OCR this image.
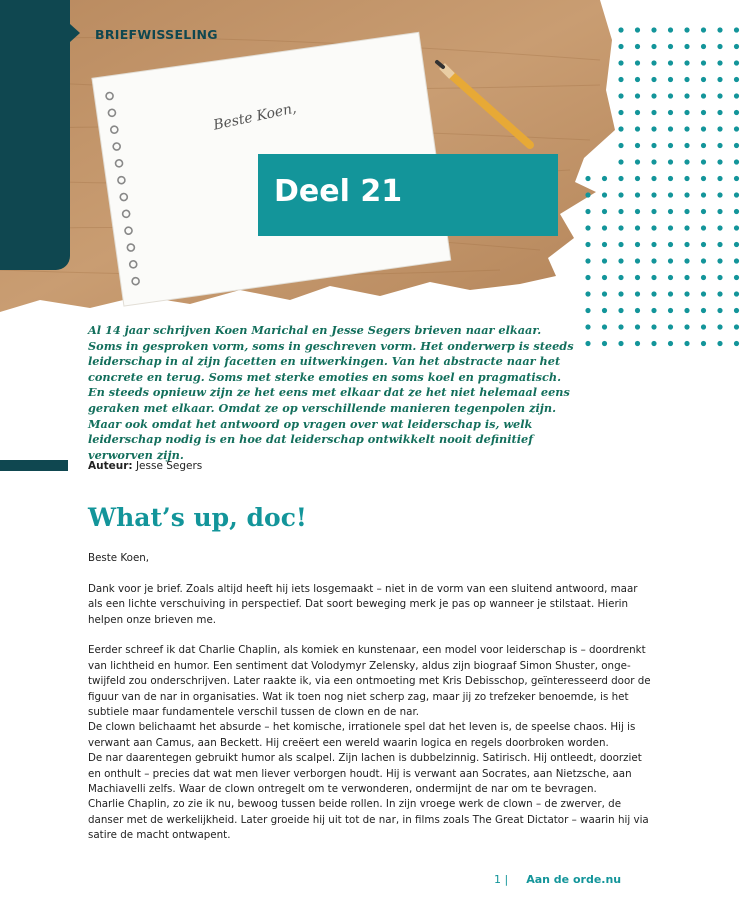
BRIEFWISSELING
Beste Koen,
Deel 21
Al 14 jaar schrijven Koen Marichal en Jesse Segers brieven naar elkaar. Soms in gesproken vorm, soms in geschreven vorm. Het onderwerp is steeds leiderschap in al zijn facetten en uitwerkingen. Van het abstracte naar het concrete en terug. Soms met sterke emoties en soms koel en pragmatisch. En steeds opnieuw zijn ze het eens met elkaar dat ze het niet helemaal eens geraken met elkaar. Omdat ze op verschillende manieren tegenpolen zijn. Maar ook omdat het antwoord op vragen over wat leiderschap is, welk leiderschap nodig is en hoe dat leiderschap ontwikkelt nooit definitief verworven zijn.
Auteur: Jesse Segers
What’s up, doc!

Beste Koen,

Dank voor je brief. Zoals altijd heeft hij iets losgemaakt – niet in de vorm van een sluitend antwoord, maar als een lichte verschuiving in perspectief. Dat soort beweging merk je pas op wanneer je stilstaat. Hierin helpen onze brieven me.

Eerder schreef ik dat Charlie Chaplin, als komiek en kunstenaar, een model voor leiderschap is – doordrenkt van lichtheid en humor. Een sentiment dat Volodymyr Zelensky, aldus zijn biograaf Simon Shuster, ongetwijfeld zou onderschrijven. Later raakte ik, via een ontmoeting met Kris Debisschop, geïnteresseerd door de figuur van de nar in organisaties. Wat ik toen nog niet scherp zag, maar jij zo trefzeker benoemde, is het subtiele maar fundamentele verschil tussen de clown en de nar.

De clown belichaamt het absurde – het komische, irrationele spel dat het leven is, de speelse chaos. Hij is verwant aan Camus, aan Beckett. Hij creëert een wereld waarin logica en regels doorbroken worden.

De nar daarentegen gebruikt humor als scalpel. Zijn lachen is dubbelzinnig. Satirisch. Hij ontleedt, doorziet en onthult – precies dat wat men liever verborgen houdt. Hij is verwant aan Socrates, aan Nietzsche, aan Machiavelli zelfs. Waar de clown ontregelt om te verwonderen, ondermijnt de nar om te bevragen.

Charlie Chaplin, zo zie ik nu, bewoog tussen beide rollen. In zijn vroege werk de clown – de zwerver, de danser met de werkelijkheid. Later groeide hij uit tot de nar, in films zoals The Great Dictator – waarin hij via satire de macht ontwapent.

1 | Aan de orde.nu
